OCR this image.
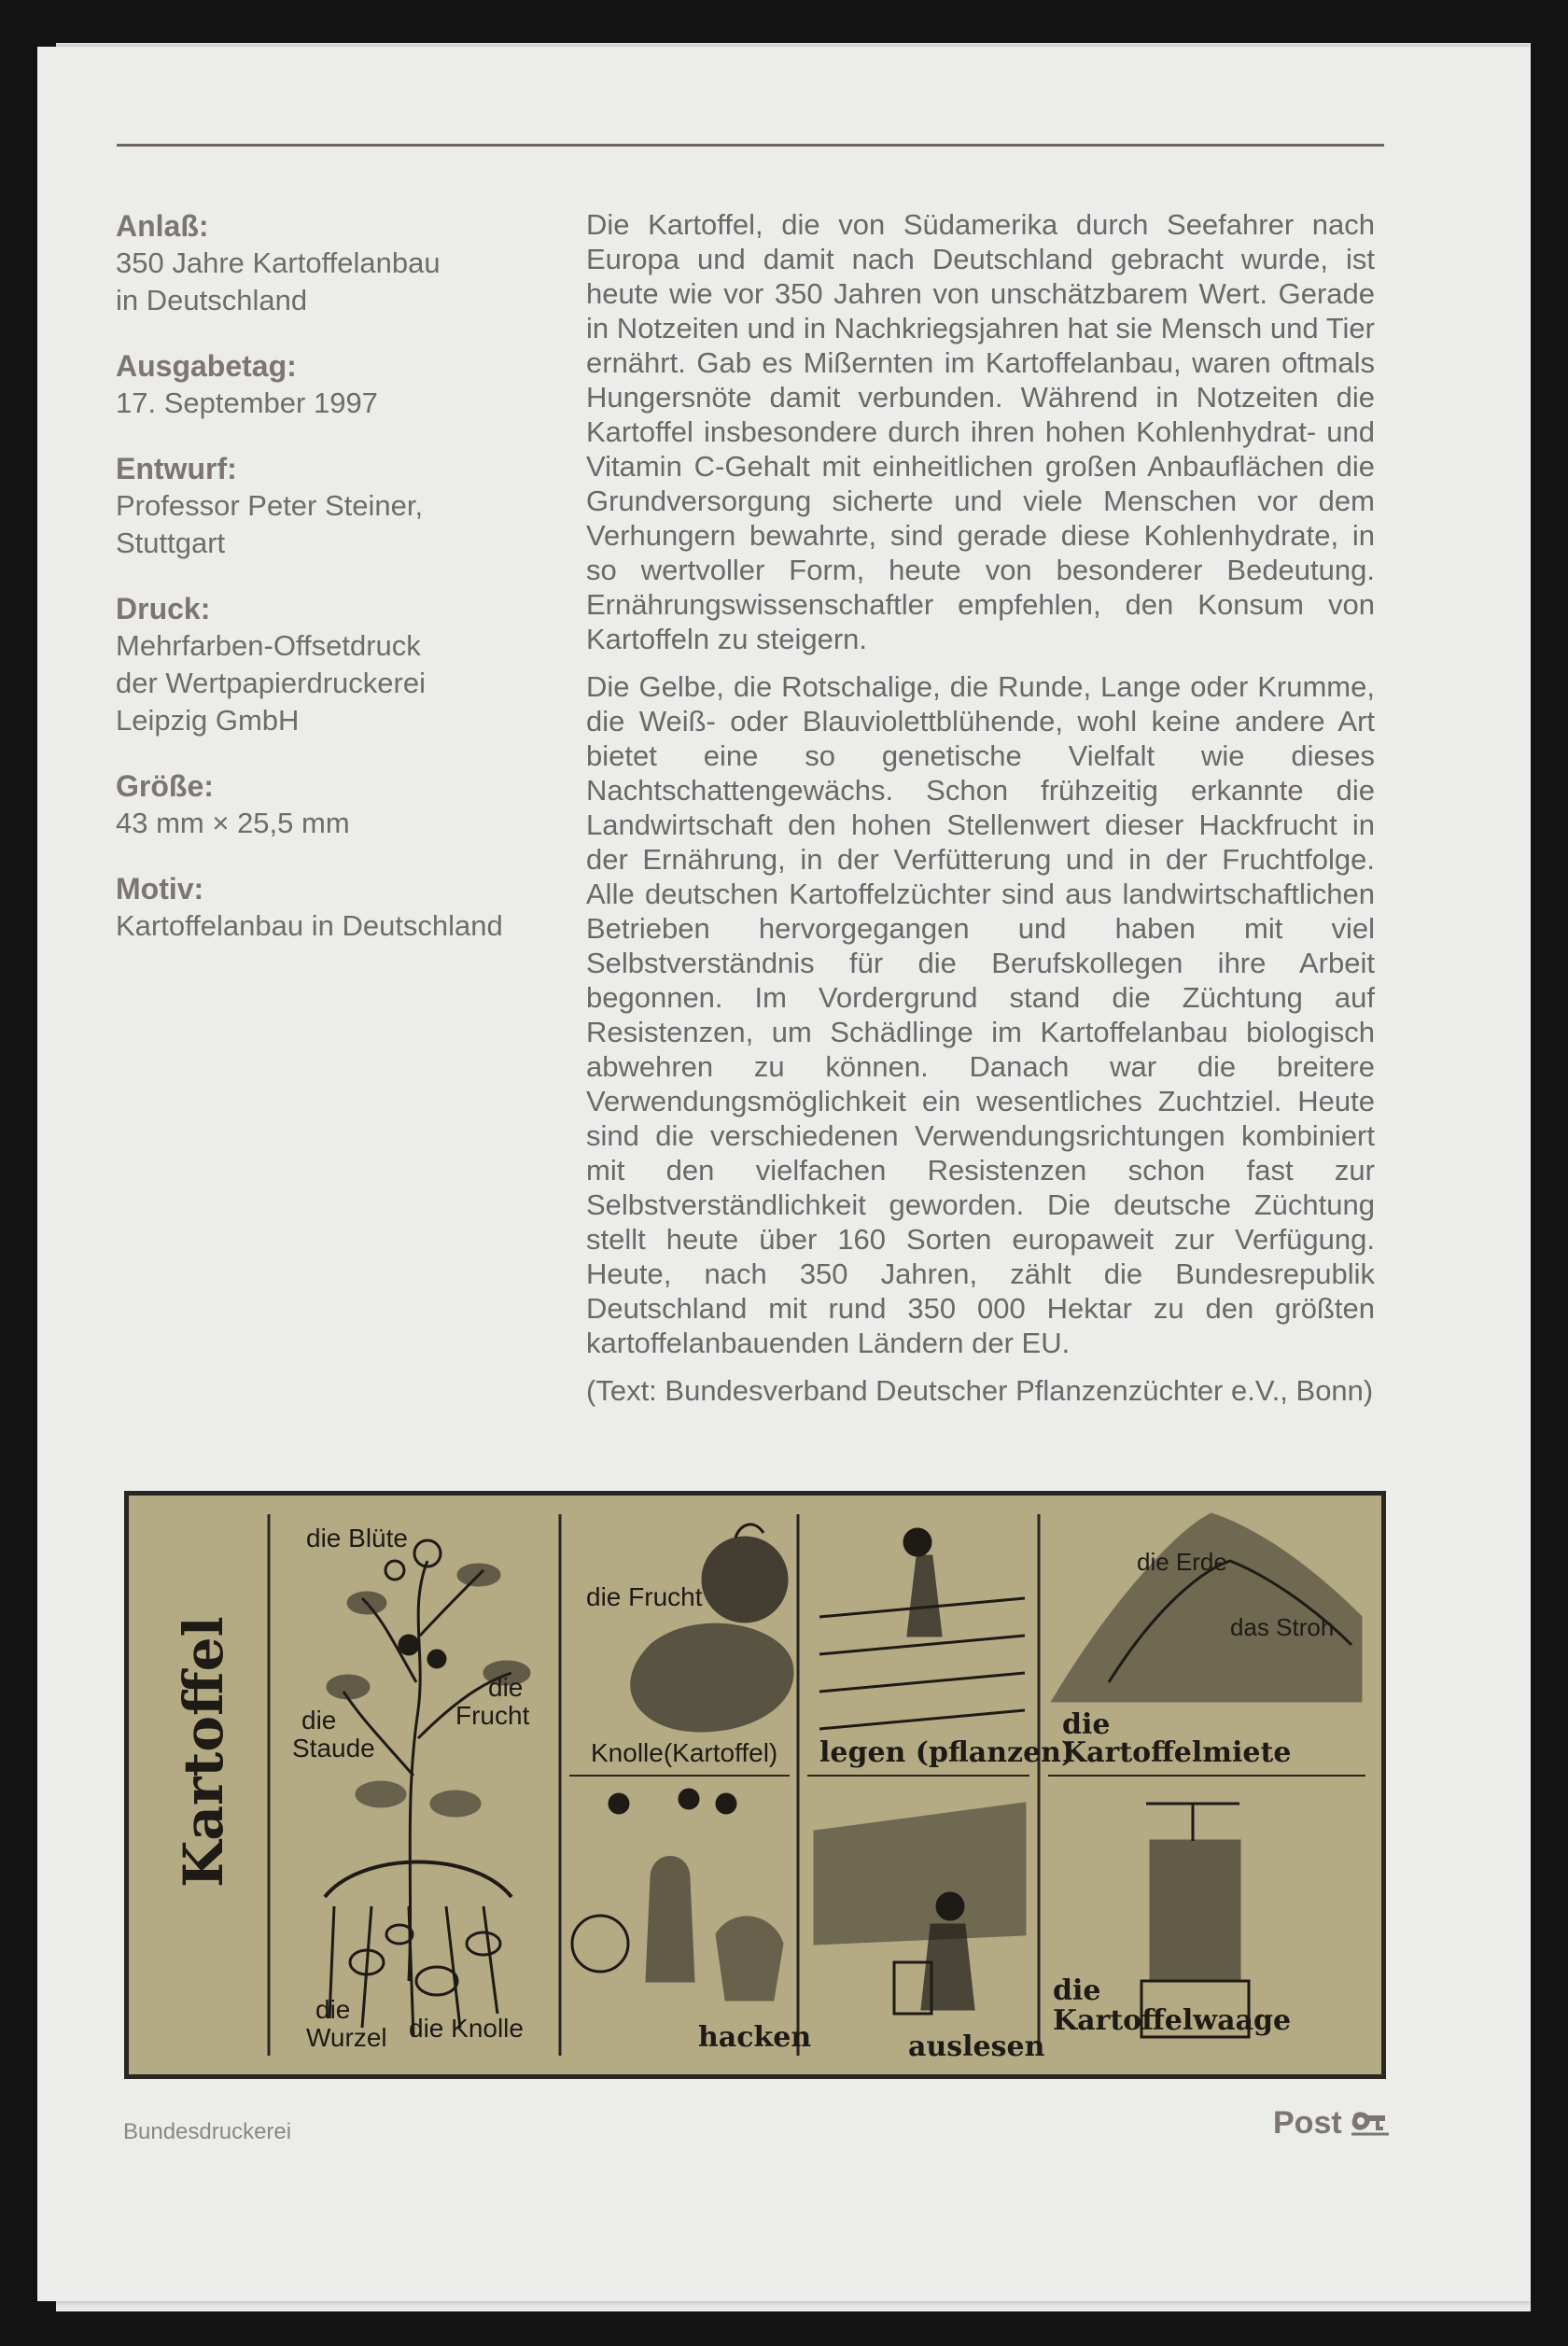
Anlaß:
350 Jahre Kartoffelanbau
in Deutschland
Ausgabetag:
17. September 1997
Entwurf:
Professor Peter Steiner,
Stuttgart
Druck:
Mehrfarben-Offsetdruck
der Wertpapierdruckerei
Leipzig GmbH
Größe:
43 mm × 25,5 mm
Motiv:
Kartoffelanbau in Deutschland

Die Kartoffel, die von Südamerika durch Seefahrer nach Europa und damit nach Deutschland gebracht wurde, ist heute wie vor 350 Jahren von unschätzbarem Wert. Gerade in Notzeiten und in Nachkriegsjahren hat sie Mensch und Tier ernährt. Gab es Mißernten im Kartoffelanbau, waren oftmals Hungersnöte damit verbunden. Während in Notzeiten die Kartoffel insbesondere durch ihren hohen Kohlenhydrat- und Vitamin C-Gehalt mit einheitlichen großen Anbauflächen die Grundversorgung sicherte und viele Menschen vor dem Verhungern bewahrte, sind gerade diese Kohlenhydrate, in so wertvoller Form, heute von besonderer Bedeutung. Ernährungswissenschaftler empfehlen, den Konsum von Kartoffeln zu steigern.

Die Gelbe, die Rotschalige, die Runde, Lange oder Krumme, die Weiß- oder Blauviolettblühende, wohl keine andere Art bietet eine so genetische Vielfalt wie dieses Nachtschattengewächs. Schon frühzeitig erkannte die Landwirtschaft den hohen Stellenwert dieser Hackfrucht in der Ernährung, in der Verfütterung und in der Fruchtfolge. Alle deutschen Kartoffelzüchter sind aus landwirtschaftlichen Betrieben hervorgegangen und haben mit viel Selbstverständnis für die Berufskollegen ihre Arbeit begonnen. Im Vordergrund stand die Züchtung auf Resistenzen, um Schädlinge im Kartoffelanbau biologisch abwehren zu können. Danach war die breitere Verwendungsmöglichkeit ein wesentliches Zuchtziel. Heute sind die verschiedenen Verwendungsrichtungen kombiniert mit den vielfachen Resistenzen schon fast zur Selbstverständlichkeit geworden. Die deutsche Züchtung stellt heute über 160 Sorten europaweit zur Verfügung. Heute, nach 350 Jahren, zählt die Bundesrepublik Deutschland mit rund 350 000 Hektar zu den größten kartoffelanbauenden Ländern der EU.

(Text: Bundesverband Deutscher Pflanzenzüchter e.V., Bonn)

Kartoffel
die Blüte
die
Frucht
die
Staude
die
Wurzel die Knolle
die Frucht
Knolle(Kartoffel) legen (pflanzen)
die Erde
das Stroh
die
Kartoffelmiete
hacken	auslesen
die
Kartoffelwaage
Bundesdruckerei	Post
